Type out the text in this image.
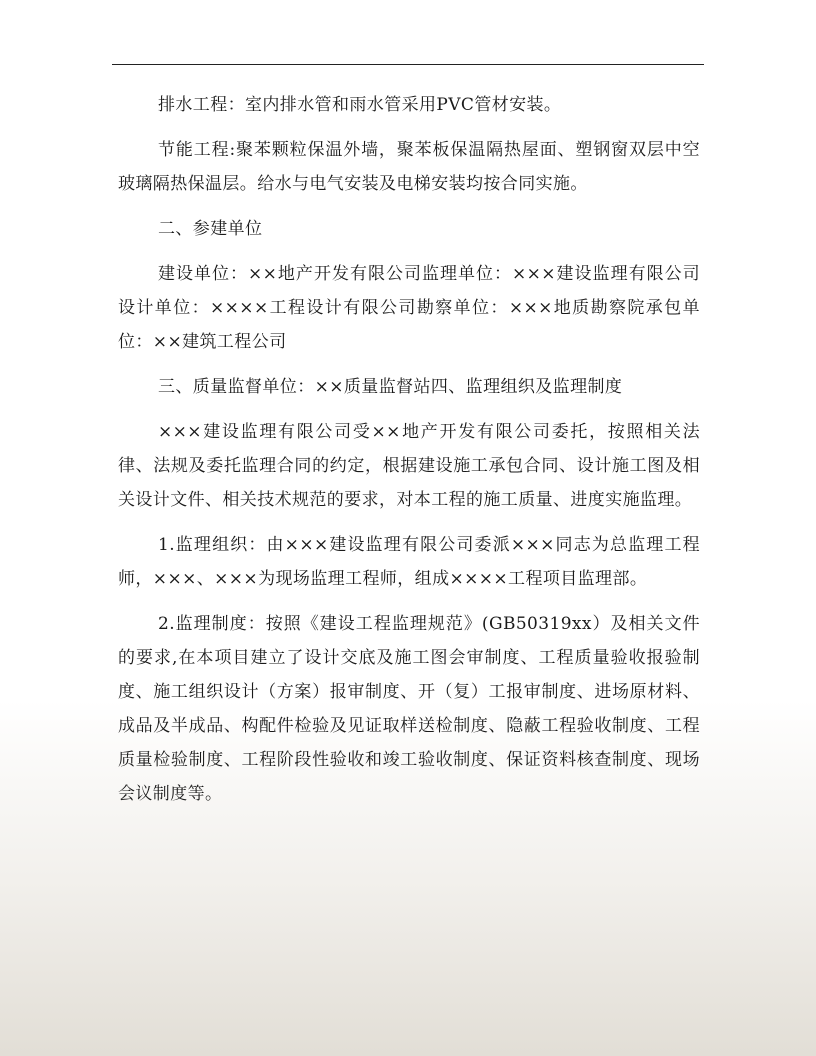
排水工程：室内排水管和雨水管采用PVC管材安装。

节能工程:聚苯颗粒保温外墙，聚苯板保温隔热屋面、塑钢窗双层中空玻璃隔热保温层。给水与电气安装及电梯安装均按合同实施。

二、参建单位

建设单位：××地产开发有限公司监理单位：×××建设监理有限公司设计单位：××××工程设计有限公司勘察单位：×××地质勘察院承包单位：××建筑工程公司

三、质量监督单位：××质量监督站四、监理组织及监理制度

×××建设监理有限公司受××地产开发有限公司委托，按照相关法律、法规及委托监理合同的约定，根据建设施工承包合同、设计施工图及相关设计文件、相关技术规范的要求，对本工程的施工质量、进度实施监理。

1.监理组织：由×××建设监理有限公司委派×××同志为总监理工程师，×××、×××为现场监理工程师，组成××××工程项目监理部。

2.监理制度：按照《建设工程监理规范》(GB50319xx）及相关文件的要求,在本项目建立了设计交底及施工图会审制度、工程质量验收报验制度、施工组织设计（方案）报审制度、开（复）工报审制度、进场原材料、成品及半成品、构配件检验及见证取样送检制度、隐蔽工程验收制度、工程质量检验制度、工程阶段性验收和竣工验收制度、保证资料核查制度、现场会议制度等。
